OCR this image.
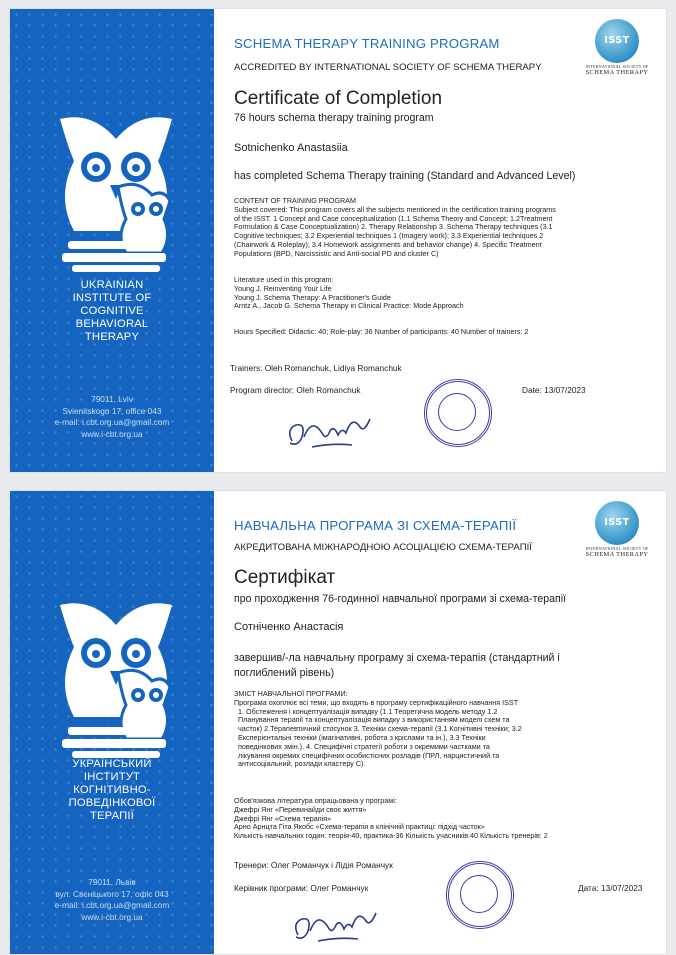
UKRAINIAN
INSTITUTE OF
COGNITIVE
BEHAVIORAL
THERAPY
79011, Lviv
Svienitskogo 17, office 043
e-mail: i.cbt.org.ua@gmail.com
www.i-cbt.org.ua
ISST
INTERNATIONAL SOCIETY OF
SCHEMA THERAPY
SCHEMA THERAPY TRAINING PROGRAM
ACCREDITED BY INTERNATIONAL SOCIETY OF SCHEMA THERAPY
Certificate of Completion
76 hours schema therapy training program
Sotnichenko Anastasiia
has completed Schema Therapy training (Standard and Advanced Level)
CONTENT OF TRAINING PROGRAM
Subject covered: This program covers all the subjects mentioned in the certification training programs
of the ISST. 1 Concept and Case conceptualization (1.1 Schema Theory and Concept; 1.2Treatment
Formulation & Case Conceptualization) 2. Therapy Relationship 3. Schema Therapy techniques (3.1
Cognitive techniques; 3.2 Experiential techniques 1 (Imagery work); 3.3 Experiential techniques 2
(Chairwork & Roleplay); 3.4 Homework assignments and behavior change) 4. Specific Treatment
Populations (BPD, Narcissistic and Anti-social PD and cluster C)
Literature used in this program:
Young J. Reinventing Your Life
Young J. Schema Therapy: A Practitioner's Guide
Arntz A., Jacob G. Schema Therapy in Clinical Practice: Mode Approach
Hours Specified: Didactic: 40; Role-play: 36 Number of participants: 40 Number of trainers: 2
Trainers: Oleh Romanchuk, Lidiya Romanchuk
Program director: Oleh Romanchuk	Date: 13/07/2023
УКРАЇНСЬКИЙ
ІНСТИТУТ
КОГНІТИВНО-
ПОВЕДІНКОВОЇ
ТЕРАПІЇ
79011, Львів
вул. Свєніцького 17, офіс 043
e-mail: i.cbt.org.ua@gmail.com
www.i-cbt.org.ua
ISST
INTERNATIONAL SOCIETY OF
SCHEMA THERAPY
НАВЧАЛЬНА ПРОГРАМА ЗІ СХЕМА-ТЕРАПІЇ
АКРЕДИТОВАНА МІЖНАРОДНОЮ АСОЦІАЦІЄЮ СХЕМА-ТЕРАПІЇ
Сертифікат
про проходження 76-годинної навчальної програми зі схема-терапії
Сотніченко Анастасія
завершив/-ла навчальну програму зі схема-терапія (стандартний і
поглиблений рівень)
ЗМІСТ НАВЧАЛЬНОЇ ПРОГРАМИ:
Програма охоплює всі теми, що входять в програму сертифікаційного навчання ISST
1. Обстеження і концептуалізація випадку (1.1 Теоретична модель методу 1.2
Планування терапії та концептуалізація випадку з використанням моделі схем та
часток) 2.Терапевтичний стосунок 3. Техніки схема-терапії (3.1 Когнітивні техніки; 3.2
Експерієнтальні техніки (імагінативні, робота з кріслами та ін.), 3.3 Техніки
поведінкових змін.). 4. Специфічні стратегії роботи з окремими частками та
лікування окремих специфічних особистісних розладів (ПРЛ, нарцистичний та
антисоціальний, розлади кластеру С).
Обов'язкова література опрацьована у програмі:
Джефрі Янг «Перевинайди своє життя»
Джефрі Янг «Схема терапія»
Арно Арнцта Гіта Якобс «Схема-терапія в клінічній практиці: підхід часток»
Кількість навчальних годин: теорія-40, практика-36 Кількість учасників:40 Кількість тренерів: 2
Тренери: Олег Романчук і Лідія Романчук
Керівник програми: Олег Романчук	Дата: 13/07/2023
